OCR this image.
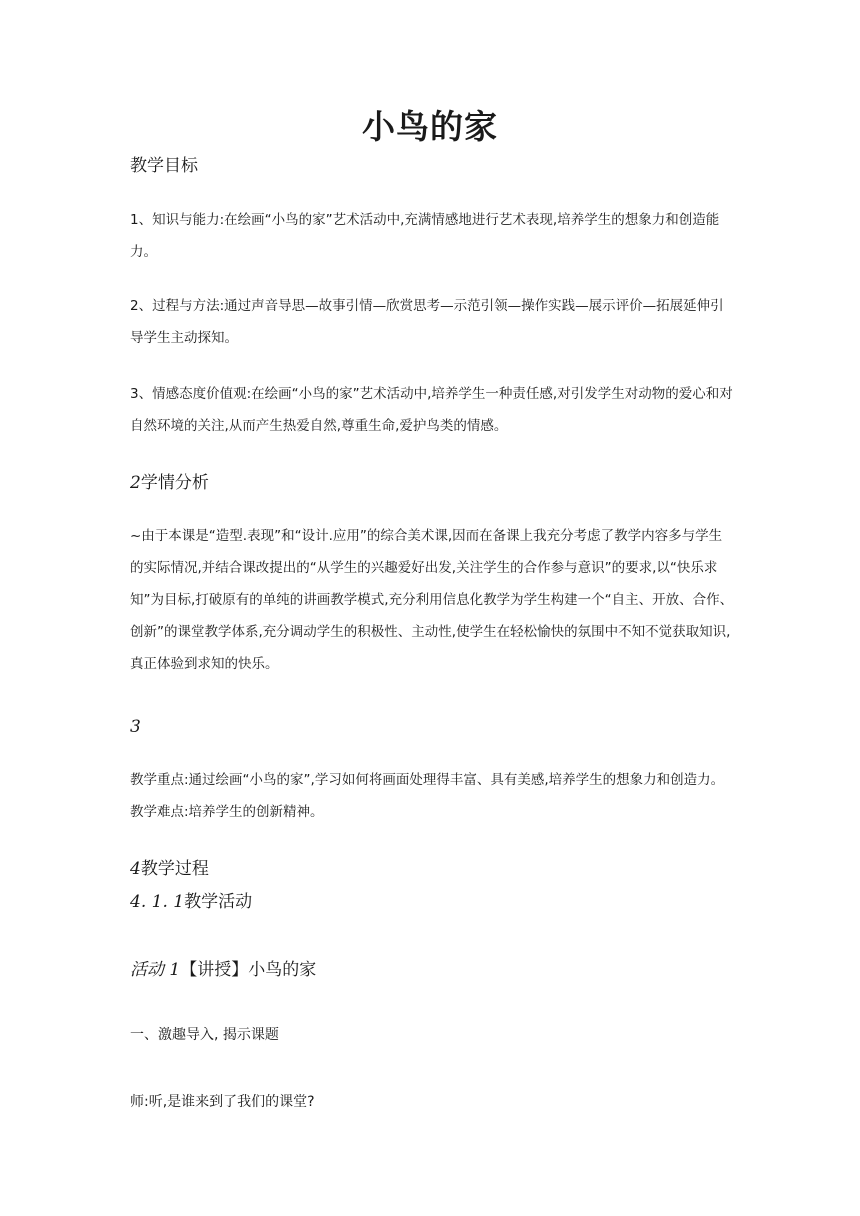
小鸟的家
教学目标
1、知识与能力:在绘画“小鸟的家”艺术活动中,充满情感地进行艺术表现,培养学生的想象力和创造能力。
2、过程与方法:通过声音导思—故事引情—欣赏思考—示范引领—操作实践—展示评价—拓展延伸引导学生主动探知。
3、情感态度价值观:在绘画“小鸟的家”艺术活动中,培养学生一种责任感,对引发学生对动物的爱心和对自然环境的关注,从而产生热爱自然,尊重生命,爱护鸟类的情感。
2学情分析
~由于本课是“造型.表现”和“设计.应用”的综合美术课,因而在备课上我充分考虑了教学内容多与学生的实际情况,并结合课改提出的“从学生的兴趣爱好出发,关注学生的合作参与意识”的要求,以“快乐求知”为目标,打破原有的单纯的讲画教学模式,充分利用信息化教学为学生构建一个“自主、开放、合作、创新”的课堂教学体系,充分调动学生的积极性、主动性,使学生在轻松愉快的氛围中不知不觉获取知识,真正体验到求知的快乐。
3
教学重点:通过绘画“小鸟的家”,学习如何将画面处理得丰富、具有美感,培养学生的想象力和创造力。 教学难点:培养学生的创新精神。
4教学过程
4. 1. 1教学活动
活动 1【讲授】小鸟的家
一、激趣导入, 揭示课题
师:听,是谁来到了我们的课堂?
